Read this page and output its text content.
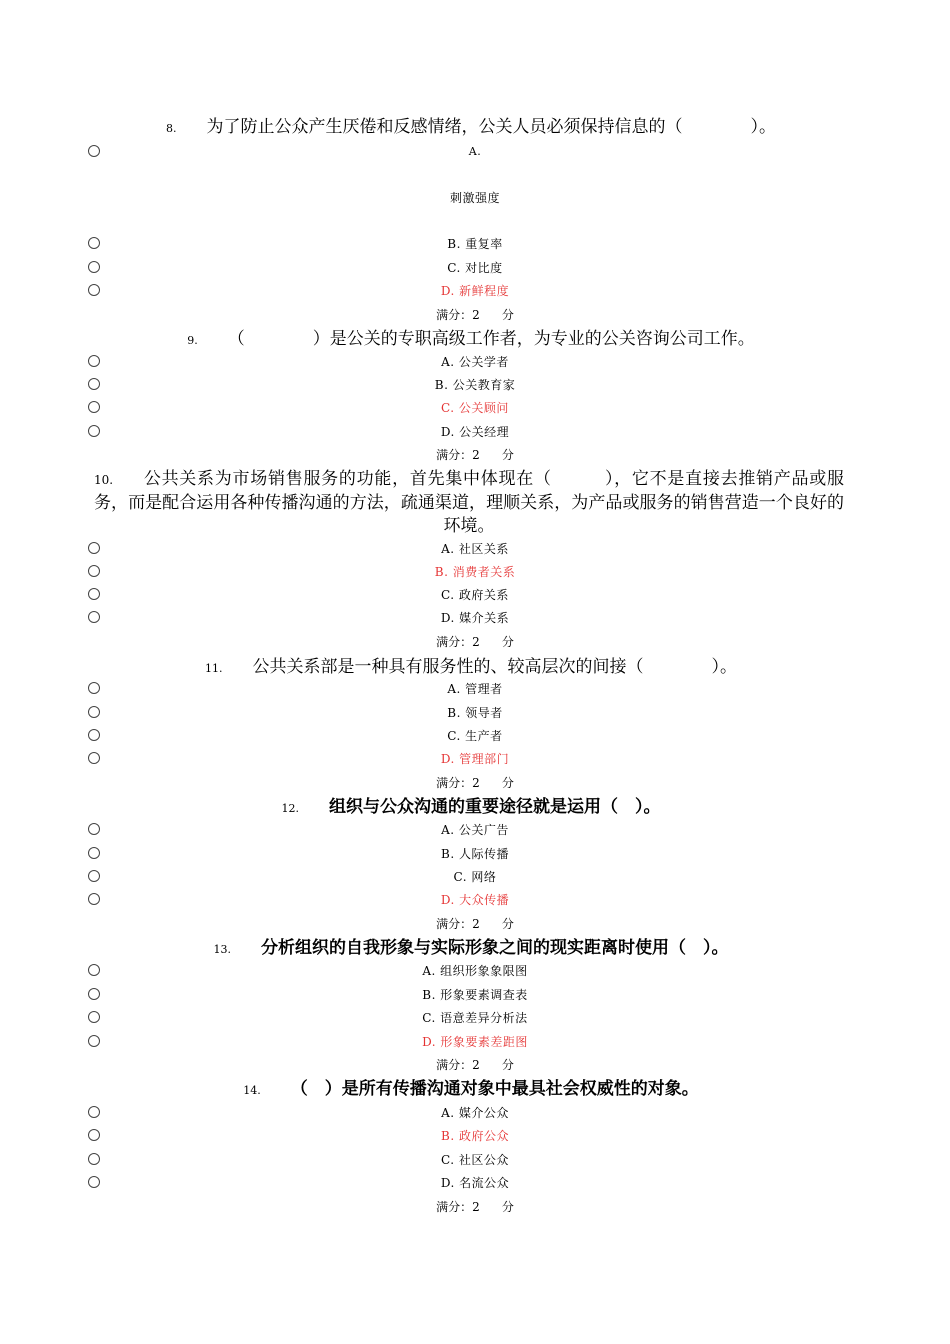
8. 为了防止公众产生厌倦和反感情绪，公关人员必须保持信息的（　　　　）。
A.
刺激强度
B. 重复率
C. 对比度
D. 新鲜程度
满分：2 分
9. （　　　　）是公关的专职高级工作者，为专业的公关咨询公司工作。
A. 公关学者
B. 公关教育家
C. 公关顾问
D. 公关经理
满分：2 分
10. 公共关系为市场销售服务的功能，首先集中体现在（　　　），它不是直接去推销产品或服务，而是配合运用各种传播沟通的方法，疏通渠道，理顺关系，为产品或服务的销售营造一个良好的环境。
A. 社区关系
B. 消费者关系
C. 政府关系
D. 媒介关系
满分：2 分
11. 公共关系部是一种具有服务性的、较高层次的间接（　　　　）。
A. 管理者
B. 领导者
C. 生产者
D. 管理部门
满分：2 分
12. 组织与公众沟通的重要途径就是运用（　）。
A. 公关广告
B. 人际传播
C. 网络
D. 大众传播
满分：2 分
13. 分析组织的自我形象与实际形象之间的现实距离时使用（　）。
A. 组织形象象限图
B. 形象要素调查表
C. 语意差异分析法
D. 形象要素差距图
满分：2 分
14. （　）是所有传播沟通对象中最具社会权威性的对象。
A. 媒介公众
B. 政府公众
C. 社区公众
D. 名流公众
满分：2 分
